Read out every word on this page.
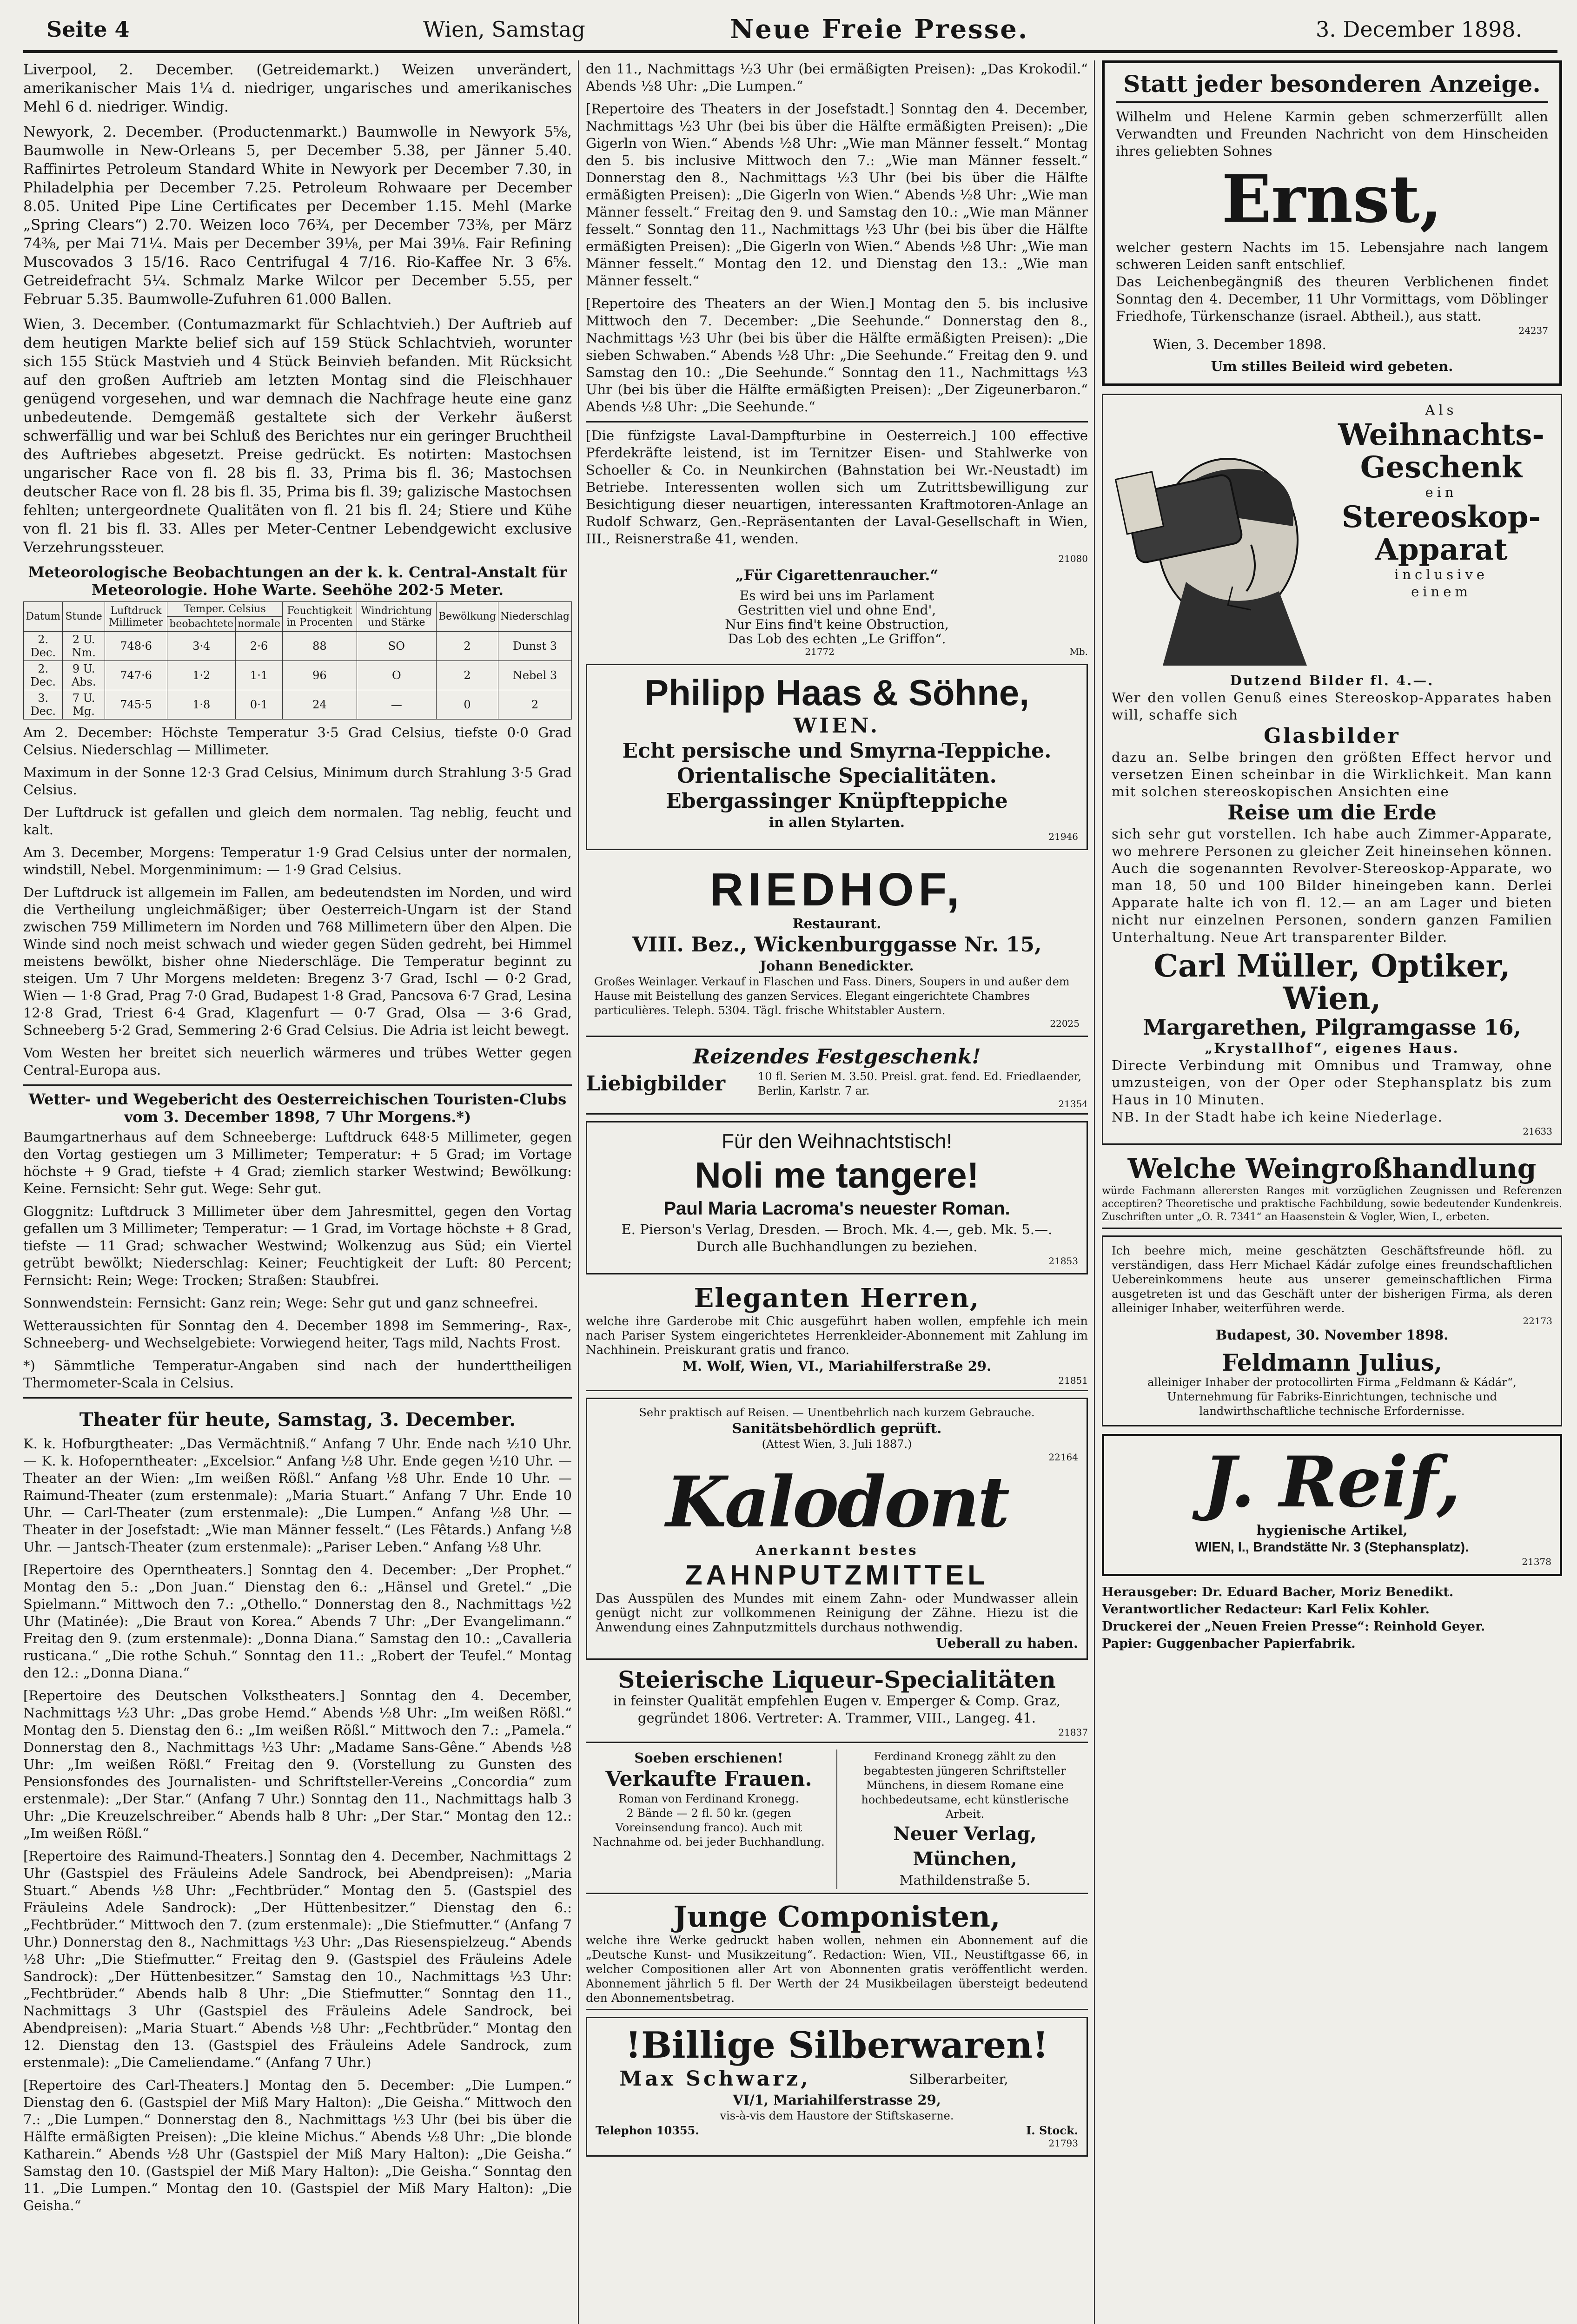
Seite 4	Wien, Samstag	Neue Freie Presse.	3. December 1898.

Liverpool, 2. December. (Getreidemarkt.) Weizen unverändert, amerikanischer Mais 1¼ d. niedriger, ungarisches und amerikanisches Mehl 6 d. niedriger. Windig.

Newyork, 2. December. (Productenmarkt.) Baumwolle in Newyork 5⅝, Baumwolle in New-Orleans 5, per December 5.38, per Jänner 5.40. Raffinirtes Petroleum Standard White in Newyork per December 7.30, in Philadelphia per December 7.25. Petroleum Rohwaare per December 8.05. United Pipe Line Certificates per December 1.15. Mehl (Marke „Spring Clears“) 2.70. Weizen loco 76¾, per December 73⅜, per März 74⅜, per Mai 71¼. Mais per December 39⅛, per Mai 39⅛. Fair Refining Muscovados 3 15/16. Raco Centrifugal 4 7/16. Rio-Kaffee Nr. 3 6⅝. Getreidefracht 5¼. Schmalz Marke Wilcor per December 5.55, per Februar 5.35. Baumwolle-Zufuhren 61.000 Ballen.

Wien, 3. December. (Contumazmarkt für Schlachtvieh.) Der Auftrieb auf dem heutigen Markte belief sich auf 159 Stück Schlachtvieh, worunter sich 155 Stück Mastvieh und 4 Stück Beinvieh befanden. Mit Rücksicht auf den großen Auftrieb am letzten Montag sind die Fleischhauer genügend vorgesehen, und war demnach die Nachfrage heute eine ganz unbedeutende. Demgemäß gestaltete sich der Verkehr äußerst schwerfällig und war bei Schluß des Berichtes nur ein geringer Bruchtheil des Auftriebes abgesetzt. Preise gedrückt. Es notirten: Mastochsen ungarischer Race von fl. 28 bis fl. 33, Prima bis fl. 36; Mastochsen deutscher Race von fl. 28 bis fl. 35, Prima bis fl. 39; galizische Mastochsen fehlten; untergeordnete Qualitäten von fl. 21 bis fl. 24; Stiere und Kühe von fl. 21 bis fl. 33. Alles per Meter-Centner Lebendgewicht exclusive Verzehrungssteuer.

Meteorologische Beobachtungen an der k. k. Central-Anstalt für Meteorologie. Hohe Warte. Seehöhe 202·5 Meter.
Datum	Stunde	Luftdruck Millimeter	Temper. Celsius		Feuchtigkeit in Procenten	Windrichtung und Stärke	Bewölkung	Niederschlag
			beobachtete	normale				
2. Dec.	2 U. Nm.	748·6	3·4	2·6	88	SO	2	Dunst 3
2. Dec.	9 U. Abs.	747·6	1·2	1·1	96	O	2	Nebel 3
3. Dec.	7 U. Mg.	745·5	1·8	0·1	24	—	0	2

Am 2. December: Höchste Temperatur 3·5 Grad Celsius, tiefste 0·0 Grad Celsius. Niederschlag — Millimeter.

Maximum in der Sonne 12·3 Grad Celsius, Minimum durch Strahlung 3·5 Grad Celsius.

Der Luftdruck ist gefallen und gleich dem normalen. Tag neblig, feucht und kalt.

Am 3. December, Morgens: Temperatur 1·9 Grad Celsius unter der normalen, windstill, Nebel. Morgenminimum: — 1·9 Grad Celsius.

Der Luftdruck ist allgemein im Fallen, am bedeutendsten im Norden, und wird die Vertheilung ungleichmäßiger; über Oesterreich-Ungarn ist der Stand zwischen 759 Millimetern im Norden und 768 Millimetern über den Alpen. Die Winde sind noch meist schwach und wieder gegen Süden gedreht, bei Himmel meistens bewölkt, bisher ohne Niederschläge. Die Temperatur beginnt zu steigen. Um 7 Uhr Morgens meldeten: Bregenz 3·7 Grad, Ischl — 0·2 Grad, Wien — 1·8 Grad, Prag 7·0 Grad, Budapest 1·8 Grad, Pancsova 6·7 Grad, Lesina 12·8 Grad, Triest 6·4 Grad, Klagenfurt — 0·7 Grad, Olsa — 3·6 Grad, Schneeberg 5·2 Grad, Semmering 2·6 Grad Celsius. Die Adria ist leicht bewegt.

Vom Westen her breitet sich neuerlich wärmeres und trübes Wetter gegen Central-Europa aus.

Wetter- und Wegebericht des Oesterreichischen Touristen-Clubs vom 3. December 1898, 7 Uhr Morgens.*)

Baumgartnerhaus auf dem Schneeberge: Luftdruck 648·5 Millimeter, gegen den Vortag gestiegen um 3 Millimeter; Temperatur: + 5 Grad; im Vortage höchste + 9 Grad, tiefste + 4 Grad; ziemlich starker Westwind; Bewölkung: Keine. Fernsicht: Sehr gut. Wege: Sehr gut.

Gloggnitz: Luftdruck 3 Millimeter über dem Jahresmittel, gegen den Vortag gefallen um 3 Millimeter; Temperatur: — 1 Grad, im Vortage höchste + 8 Grad, tiefste — 11 Grad; schwacher Westwind; Wolkenzug aus Süd; ein Viertel getrübt bewölkt; Niederschlag: Keiner; Feuchtigkeit der Luft: 80 Percent; Fernsicht: Rein; Wege: Trocken; Straßen: Staubfrei.

Sonnwendstein: Fernsicht: Ganz rein; Wege: Sehr gut und ganz schneefrei.

Wetteraussichten für Sonntag den 4. December 1898 im Semmering-, Rax-, Schneeberg- und Wechselgebiete: Vorwiegend heiter, Tags mild, Nachts Frost.

*) Sämmtliche Temperatur-Angaben sind nach der hunderttheiligen Thermometer-Scala in Celsius.

Theater für heute, Samstag, 3. December.

K. k. Hofburgtheater: „Das Vermächtniß.“ Anfang 7 Uhr. Ende nach ½10 Uhr. — K. k. Hofoperntheater: „Excelsior.“ Anfang ½8 Uhr. Ende gegen ½10 Uhr. — Theater an der Wien: „Im weißen Rößl.“ Anfang ½8 Uhr. Ende 10 Uhr. — Raimund-Theater (zum erstenmale): „Maria Stuart.“ Anfang 7 Uhr. Ende 10 Uhr. — Carl-Theater (zum erstenmale): „Die Lumpen.“ Anfang ½8 Uhr. — Theater in der Josefstadt: „Wie man Männer fesselt.“ (Les Fêtards.) Anfang ½8 Uhr. — Jantsch-Theater (zum erstenmale): „Pariser Leben.“ Anfang ½8 Uhr.

[Repertoire des Operntheaters.] Sonntag den 4. December: „Der Prophet.“ Montag den 5.: „Don Juan.“ Dienstag den 6.: „Hänsel und Gretel.“ „Die Spielmann.“ Mittwoch den 7.: „Othello.“ Donnerstag den 8., Nachmittags ½2 Uhr (Matinée): „Die Braut von Korea.“ Abends 7 Uhr: „Der Evangelimann.“ Freitag den 9. (zum erstenmale): „Donna Diana.“ Samstag den 10.: „Cavalleria rusticana.“ „Die rothe Schuh.“ Sonntag den 11.: „Robert der Teufel.“ Montag den 12.: „Donna Diana.“

[Repertoire des Deutschen Volkstheaters.] Sonntag den 4. December, Nachmittags ½3 Uhr: „Das grobe Hemd.“ Abends ½8 Uhr: „Im weißen Rößl.“ Montag den 5. Dienstag den 6.: „Im weißen Rößl.“ Mittwoch den 7.: „Pamela.“ Donnerstag den 8., Nachmittags ½3 Uhr: „Madame Sans-Gêne.“ Abends ½8 Uhr: „Im weißen Rößl.“ Freitag den 9. (Vorstellung zu Gunsten des Pensionsfondes des Journalisten- und Schriftsteller-Vereins „Concordia“ zum erstenmale): „Der Star.“ (Anfang 7 Uhr.) Sonntag den 11., Nachmittags halb 3 Uhr: „Die Kreuzelschreiber.“ Abends halb 8 Uhr: „Der Star.“ Montag den 12.: „Im weißen Rößl.“

[Repertoire des Raimund-Theaters.] Sonntag den 4. December, Nachmittags 2 Uhr (Gastspiel des Fräuleins Adele Sandrock, bei Abendpreisen): „Maria Stuart.“ Abends ½8 Uhr: „Fechtbrüder.“ Montag den 5. (Gastspiel des Fräuleins Adele Sandrock): „Der Hüttenbesitzer.“ Dienstag den 6.: „Fechtbrüder.“ Mittwoch den 7. (zum erstenmale): „Die Stiefmutter.“ (Anfang 7 Uhr.) Donnerstag den 8., Nachmittags ½3 Uhr: „Das Riesenspielzeug.“ Abends ½8 Uhr: „Die Stiefmutter.“ Freitag den 9. (Gastspiel des Fräuleins Adele Sandrock): „Der Hüttenbesitzer.“ Samstag den 10., Nachmittags ½3 Uhr: „Fechtbrüder.“ Abends halb 8 Uhr: „Die Stiefmutter.“ Sonntag den 11., Nachmittags 3 Uhr (Gastspiel des Fräuleins Adele Sandrock, bei Abendpreisen): „Maria Stuart.“ Abends ½8 Uhr: „Fechtbrüder.“ Montag den 12. Dienstag den 13. (Gastspiel des Fräuleins Adele Sandrock, zum erstenmale): „Die Cameliendame.“ (Anfang 7 Uhr.)

[Repertoire des Carl-Theaters.] Montag den 5. December: „Die Lumpen.“ Dienstag den 6. (Gastspiel der Miß Mary Halton): „Die Geisha.“ Mittwoch den 7.: „Die Lumpen.“ Donnerstag den 8., Nachmittags ½3 Uhr (bei bis über die Hälfte ermäßigten Preisen): „Die kleine Michus.“ Abends ½8 Uhr: „Die blonde Katharein.“ Abends ½8 Uhr (Gastspiel der Miß Mary Halton): „Die Geisha.“ Samstag den 10. (Gastspiel der Miß Mary Halton): „Die Geisha.“ Sonntag den 11. „Die Lumpen.“ Montag den 10. (Gastspiel der Miß Mary Halton): „Die Geisha.“

den 11., Nachmittags ½3 Uhr (bei ermäßigten Preisen): „Das Krokodil.“ Abends ½8 Uhr: „Die Lumpen.“

[Repertoire des Theaters in der Josefstadt.] Sonntag den 4. December, Nachmittags ½3 Uhr (bei bis über die Hälfte ermäßigten Preisen): „Die Gigerln von Wien.“ Abends ½8 Uhr: „Wie man Männer fesselt.“ Montag den 5. bis inclusive Mittwoch den 7.: „Wie man Männer fesselt.“ Donnerstag den 8., Nachmittags ½3 Uhr (bei bis über die Hälfte ermäßigten Preisen): „Die Gigerln von Wien.“ Abends ½8 Uhr: „Wie man Männer fesselt.“ Freitag den 9. und Samstag den 10.: „Wie man Männer fesselt.“ Sonntag den 11., Nachmittags ½3 Uhr (bei bis über die Hälfte ermäßigten Preisen): „Die Gigerln von Wien.“ Abends ½8 Uhr: „Wie man Männer fesselt.“ Montag den 12. und Dienstag den 13.: „Wie man Männer fesselt.“

[Repertoire des Theaters an der Wien.] Montag den 5. bis inclusive Mittwoch den 7. December: „Die Seehunde.“ Donnerstag den 8., Nachmittags ½3 Uhr (bei bis über die Hälfte ermäßigten Preisen): „Die sieben Schwaben.“ Abends ½8 Uhr: „Die Seehunde.“ Freitag den 9. und Samstag den 10.: „Die Seehunde.“ Sonntag den 11., Nachmittags ½3 Uhr (bei bis über die Hälfte ermäßigten Preisen): „Der Zigeunerbaron.“ Abends ½8 Uhr: „Die Seehunde.“

[Die fünfzigste Laval-Dampfturbine in Oesterreich.] 100 effective Pferdekräfte leistend, ist im Ternitzer Eisen- und Stahlwerke von Schoeller & Co. in Neunkirchen (Bahnstation bei Wr.-Neustadt) im Betriebe. Interessenten wollen sich um Zutrittsbewilligung zur Besichtigung dieser neuartigen, interessanten Kraftmotoren-Anlage an Rudolf Schwarz, Gen.-Repräsentanten der Laval-Gesellschaft in Wien, III., Reisnerstraße 41, wenden.

21080
„Für Cigarettenraucher.“
Es wird bei uns im Parlament
Gestritten viel und ohne End',
Nur Eins find't keine Obstruction,
Das Lob des echten „Le Griffon“.
21772	Mb.
Philipp Haas & Söhne,
WIEN.
Echt persische und Smyrna-Teppiche.
Orientalische Specialitäten.
Ebergassinger Knüpfteppiche
in allen Stylarten.
21946
RIEDHOF,
Restaurant.
VIII. Bez., Wickenburggasse Nr. 15,
Johann Benedickter.
Großes Weinlager. Verkauf in Flaschen und Fass. Diners, Soupers in und außer dem Hause mit Beistellung des ganzen Services. Elegant eingerichtete Chambres particulières. Teleph. 5304. Tägl. frische Whitstabler Austern.
22025
Reizendes Festgeschenk!
Liebigbilder	10 fl. Serien M. 3.50. Preisl. grat. fend. Ed. Friedlaender, Berlin, Karlstr. 7 ar.
21354
Für den Weihnachtstisch!
Noli me tangere!
Paul Maria Lacroma's neuester Roman.
E. Pierson's Verlag, Dresden. — Broch. Mk. 4.—, geb. Mk. 5.—.
Durch alle Buchhandlungen zu beziehen.
21853
Eleganten Herren,
welche ihre Garderobe mit Chic ausgeführt haben wollen, empfehle ich mein nach Pariser System eingerichtetes Herrenkleider-Abonnement mit Zahlung im Nachhinein. Preiskurant gratis und franco.
M. Wolf, Wien, VI., Mariahilferstraße 29.
21851
Sehr praktisch auf Reisen. — Unentbehrlich nach kurzem Gebrauche.
Sanitätsbehördlich geprüft.
(Attest Wien, 3. Juli 1887.)
22164
Kalodont
Anerkannt bestes
ZAHNPUTZMITTEL
Das Ausspülen des Mundes mit einem Zahn- oder Mundwasser allein genügt nicht zur vollkommenen Reinigung der Zähne. Hiezu ist die Anwendung eines Zahnputzmittels durchaus nothwendig.
Ueberall zu haben.
Steierische Liqueur-Specialitäten
in feinster Qualität empfehlen Eugen v. Emperger & Comp. Graz, gegründet 1806. Vertreter: A. Trammer, VIII., Langeg. 41.
21837
Soeben erschienen!
Verkaufte Frauen.
Roman von Ferdinand Kronegg.
2 Bände — 2 fl. 50 kr. (gegen Voreinsendung franco). Auch mit Nachnahme od. bei jeder Buchhandlung.
Ferdinand Kronegg zählt zu den begabtesten jüngeren Schriftsteller Münchens, in diesem Romane eine hochbedeutsame, echt künstlerische Arbeit.
Neuer Verlag, München,
Mathildenstraße 5.
Junge Componisten,
welche ihre Werke gedruckt haben wollen, nehmen ein Abonnement auf die „Deutsche Kunst- und Musikzeitung“. Redaction: Wien, VII., Neustiftgasse 66, in welcher Compositionen aller Art von Abonnenten gratis veröffentlicht werden. Abonnement jährlich 5 fl. Der Werth der 24 Musikbeilagen übersteigt bedeutend den Abonnementsbetrag.
!Billige Silberwaren!
Max Schwarz,	Silberarbeiter,
VI/1, Mariahilferstrasse 29,
vis-à-vis dem Haustore der Stiftskaserne.
Telephon 10355.	I. Stock.
21793
Statt jeder besonderen Anzeige.
Wilhelm und Helene Karmin geben schmerzerfüllt allen Verwandten und Freunden Nachricht von dem Hinscheiden ihres geliebten Sohnes
Ernst,
welcher gestern Nachts im 15. Lebensjahre nach langem schweren Leiden sanft entschlief.
Das Leichenbegängniß des theuren Verblichenen findet Sonntag den 4. December, 11 Uhr Vormittags, vom Döblinger Friedhofe, Türkenschanze (israel. Abtheil.), aus statt.
24237
Wien, 3. December 1898.
Um stilles Beileid wird gebeten.
Als
Weihnachts-
Geschenk
ein
Stereoskop-
Apparat
inclusive
einem
Dutzend Bilder fl. 4.—.
Wer den vollen Genuß eines Stereoskop-Apparates haben will, schaffe sich
Glasbilder
dazu an. Selbe bringen den größten Effect hervor und versetzen Einen scheinbar in die Wirklichkeit. Man kann mit solchen stereoskopischen Ansichten eine
Reise um die Erde
sich sehr gut vorstellen. Ich habe auch Zimmer-Apparate, wo mehrere Personen zu gleicher Zeit hineinsehen können. Auch die sogenannten Revolver-Stereoskop-Apparate, wo man 18, 50 und 100 Bilder hineingeben kann. Derlei Apparate halte ich von fl. 12.— an am Lager und bieten nicht nur einzelnen Personen, sondern ganzen Familien Unterhaltung. Neue Art transparenter Bilder.
Carl Müller, Optiker, Wien,
Margarethen, Pilgramgasse 16,
„Krystallhof“, eigenes Haus.
Directe Verbindung mit Omnibus und Tramway, ohne umzusteigen, von der Oper oder Stephansplatz bis zum Haus in 10 Minuten.
NB. In der Stadt habe ich keine Niederlage.
21633
Welche Weingroßhandlung
würde Fachmann allerersten Ranges mit vorzüglichen Zeugnissen und Referenzen acceptiren? Theoretische und praktische Fachbildung, sowie bedeutender Kundenkreis. Zuschriften unter „O. R. 7341“ an Haasenstein & Vogler, Wien, I., erbeten.
Ich beehre mich, meine geschätzten Geschäftsfreunde höfl. zu verständigen, dass Herr Michael Kádár zufolge eines freundschaftlichen Uebereinkommens heute aus unserer gemeinschaftlichen Firma ausgetreten ist und das Geschäft unter der bisherigen Firma, als deren alleiniger Inhaber, weiterführen werde.
22173
Budapest, 30. November 1898.
Feldmann Julius,
alleiniger Inhaber der protocollirten Firma „Feldmann & Kádár“, Unternehmung für Fabriks-Einrichtungen, technische und landwirthschaftliche technische Erfordernisse.
J. Reif,
hygienische Artikel,
WIEN, I., Brandstätte Nr. 3 (Stephansplatz).
21378
Herausgeber: Dr. Eduard Bacher, Moriz Benedikt.
Verantwortlicher Redacteur: Karl Felix Kohler.
Druckerei der „Neuen Freien Presse“: Reinhold Geyer.
Papier: Guggenbacher Papierfabrik.
